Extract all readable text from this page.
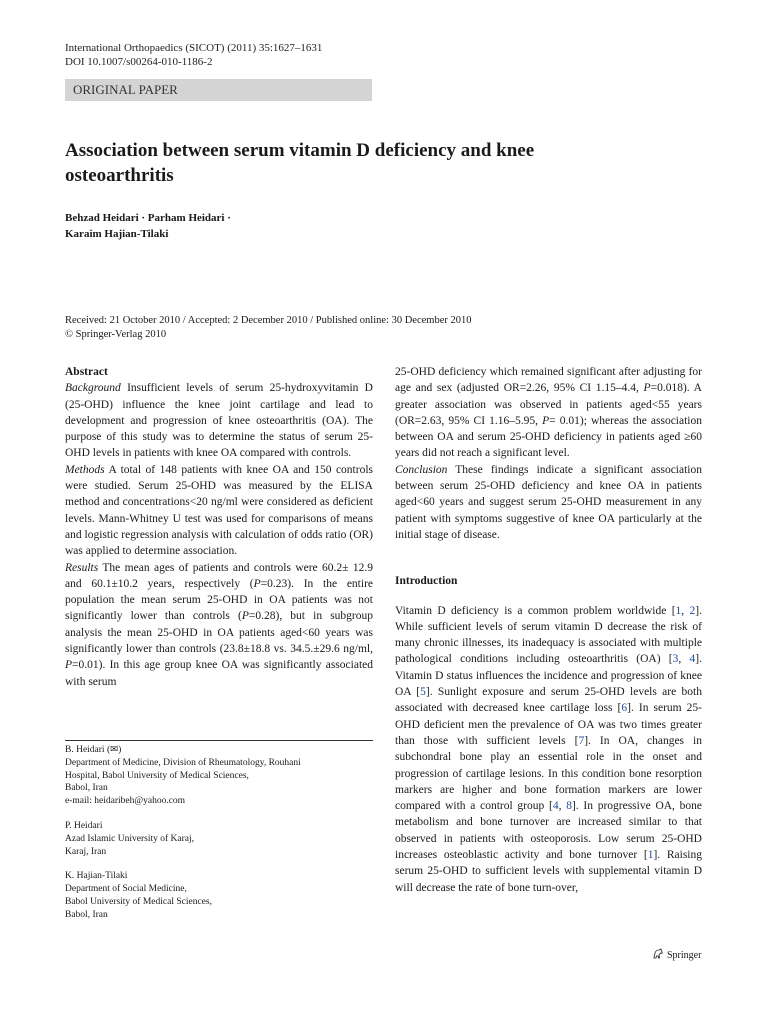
International Orthopaedics (SICOT) (2011) 35:1627–1631
DOI 10.1007/s00264-010-1186-2
ORIGINAL PAPER
Association between serum vitamin D deficiency and knee osteoarthritis
Behzad Heidari · Parham Heidari ·
Karaim Hajian-Tilaki
Received: 21 October 2010 / Accepted: 2 December 2010 / Published online: 30 December 2010
© Springer-Verlag 2010

Abstract

Background Insufficient levels of serum 25-hydroxyvitamin D (25-OHD) influence the knee joint cartilage and lead to development and progression of knee osteoarthritis (OA). The purpose of this study was to determine the status of serum 25-OHD levels in patients with knee OA compared with controls.

Methods A total of 148 patients with knee OA and 150 controls were studied. Serum 25-OHD was measured by the ELISA method and concentrations<20 ng/ml were considered as deficient levels. Mann-Whitney U test was used for comparisons of means and logistic regression analysis with calculation of odds ratio (OR) was applied to determine association.

Results The mean ages of patients and controls were 60.2± 12.9 and 60.1±10.2 years, respectively (P=0.23). In the entire population the mean serum 25-OHD in OA patients was not significantly lower than controls (P=0.28), but in subgroup analysis the mean 25-OHD in OA patients aged<60 years was significantly lower than controls (23.8±18.8 vs. 34.5.±29.6 ng/ml, P=0.01). In this age group knee OA was significantly associated with serum

B. Heidari (✉)
Department of Medicine, Division of Rheumatology, Rouhani
Hospital, Babol University of Medical Sciences,
Babol, Iran
e-mail: heidaribeh@yahoo.com
P. Heidari
Azad Islamic University of Karaj,
Karaj, Iran
K. Hajian-Tilaki
Department of Social Medicine,
Babol University of Medical Sciences,
Babol, Iran

25-OHD deficiency which remained significant after adjusting for age and sex (adjusted OR=2.26, 95% CI 1.15–4.4, P=0.018). A greater association was observed in patients aged<55 years (OR=2.63, 95% CI 1.16–5.95, P= 0.01); whereas the association between OA and serum 25-OHD deficiency in patients aged ≥60 years did not reach a significant level.

Conclusion These findings indicate a significant association between serum 25-OHD deficiency and knee OA in patients aged<60 years and suggest serum 25-OHD measurement in any patient with symptoms suggestive of knee OA particularly at the initial stage of disease.

Introduction

Vitamin D deficiency is a common problem worldwide [1, 2]. While sufficient levels of serum vitamin D decrease the risk of many chronic illnesses, its inadequacy is associated with multiple pathological conditions including osteoarthritis (OA) [3, 4]. Vitamin D status influences the incidence and progression of knee OA [5]. Sunlight exposure and serum 25-OHD levels are both associated with decreased knee cartilage loss [6]. In serum 25-OHD deficient men the prevalence of OA was two times greater than those with sufficient levels [7]. In OA, changes in subchondral bone play an essential role in the onset and progression of cartilage lesions. In this condition bone resorption markers are higher and bone formation markers are lower compared with a control group [4, 8]. In progressive OA, bone metabolism and bone turnover are increased similar to that observed in patients with osteoporosis. Low serum 25-OHD increases osteoblastic activity and bone turnover [1]. Raising serum 25-OHD to sufficient levels with supplemental vitamin D will decrease the rate of bone turn-over,

Springer
